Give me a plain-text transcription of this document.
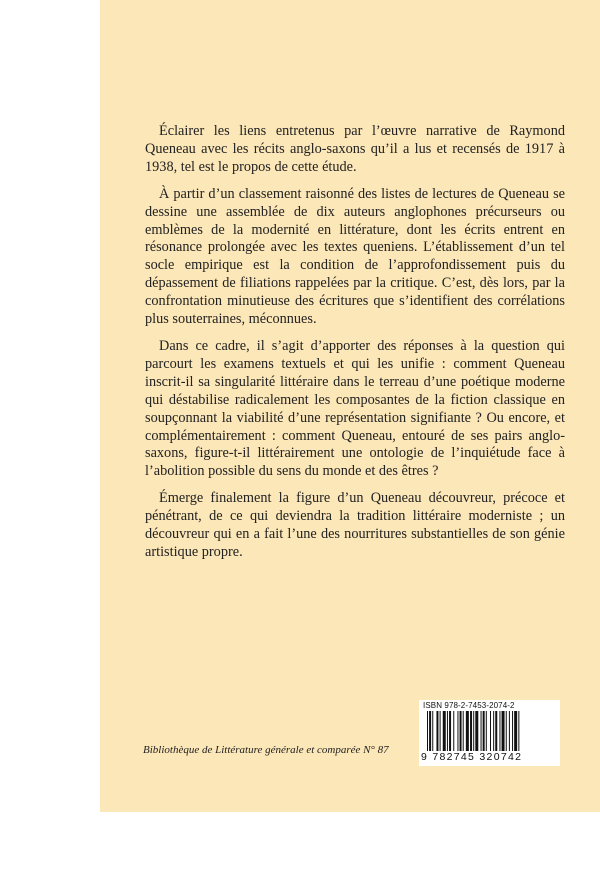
Éclairer les liens entretenus par l’œuvre narrative de Raymond Queneau avec les récits anglo-saxons qu’il a lus et recensés de 1917 à 1938, tel est le propos de cette étude.

À partir d’un classement raisonné des listes de lectures de Queneau se dessine une assemblée de dix auteurs anglophones précurseurs ou emblèmes de la modernité en littérature, dont les écrits entrent en résonance prolongée avec les textes queniens. L’établissement d’un tel socle empirique est la condition de l’approfondissement puis du dépassement de filiations rappelées par la critique. C’est, dès lors, par la confrontation minutieuse des écritures que s’identifient des corrélations plus souterraines, méconnues.

Dans ce cadre, il s’agit d’apporter des réponses à la question qui parcourt les examens textuels et qui les unifie : comment Queneau inscrit-il sa singularité littéraire dans le terreau d’une poétique moderne qui déstabilise radicalement les composantes de la fiction classique en soupçonnant la viabilité d’une représentation signifiante ? Ou encore, et complémentairement : comment Queneau, entouré de ses pairs anglo-saxons, figure-t-il littérairement une ontologie de l’inquiétude face à l’abolition possible du sens du monde et des êtres ?

Émerge finalement la figure d’un Queneau découvreur, précoce et pénétrant, de ce qui deviendra la tradition littéraire moderniste ; un découvreur qui en a fait l’une des nourritures substantielles de son génie artistique propre.

Bibliothèque de Littérature générale et comparée N° 87
ISBN 978-2-7453-2074-2
9 782745 320742
